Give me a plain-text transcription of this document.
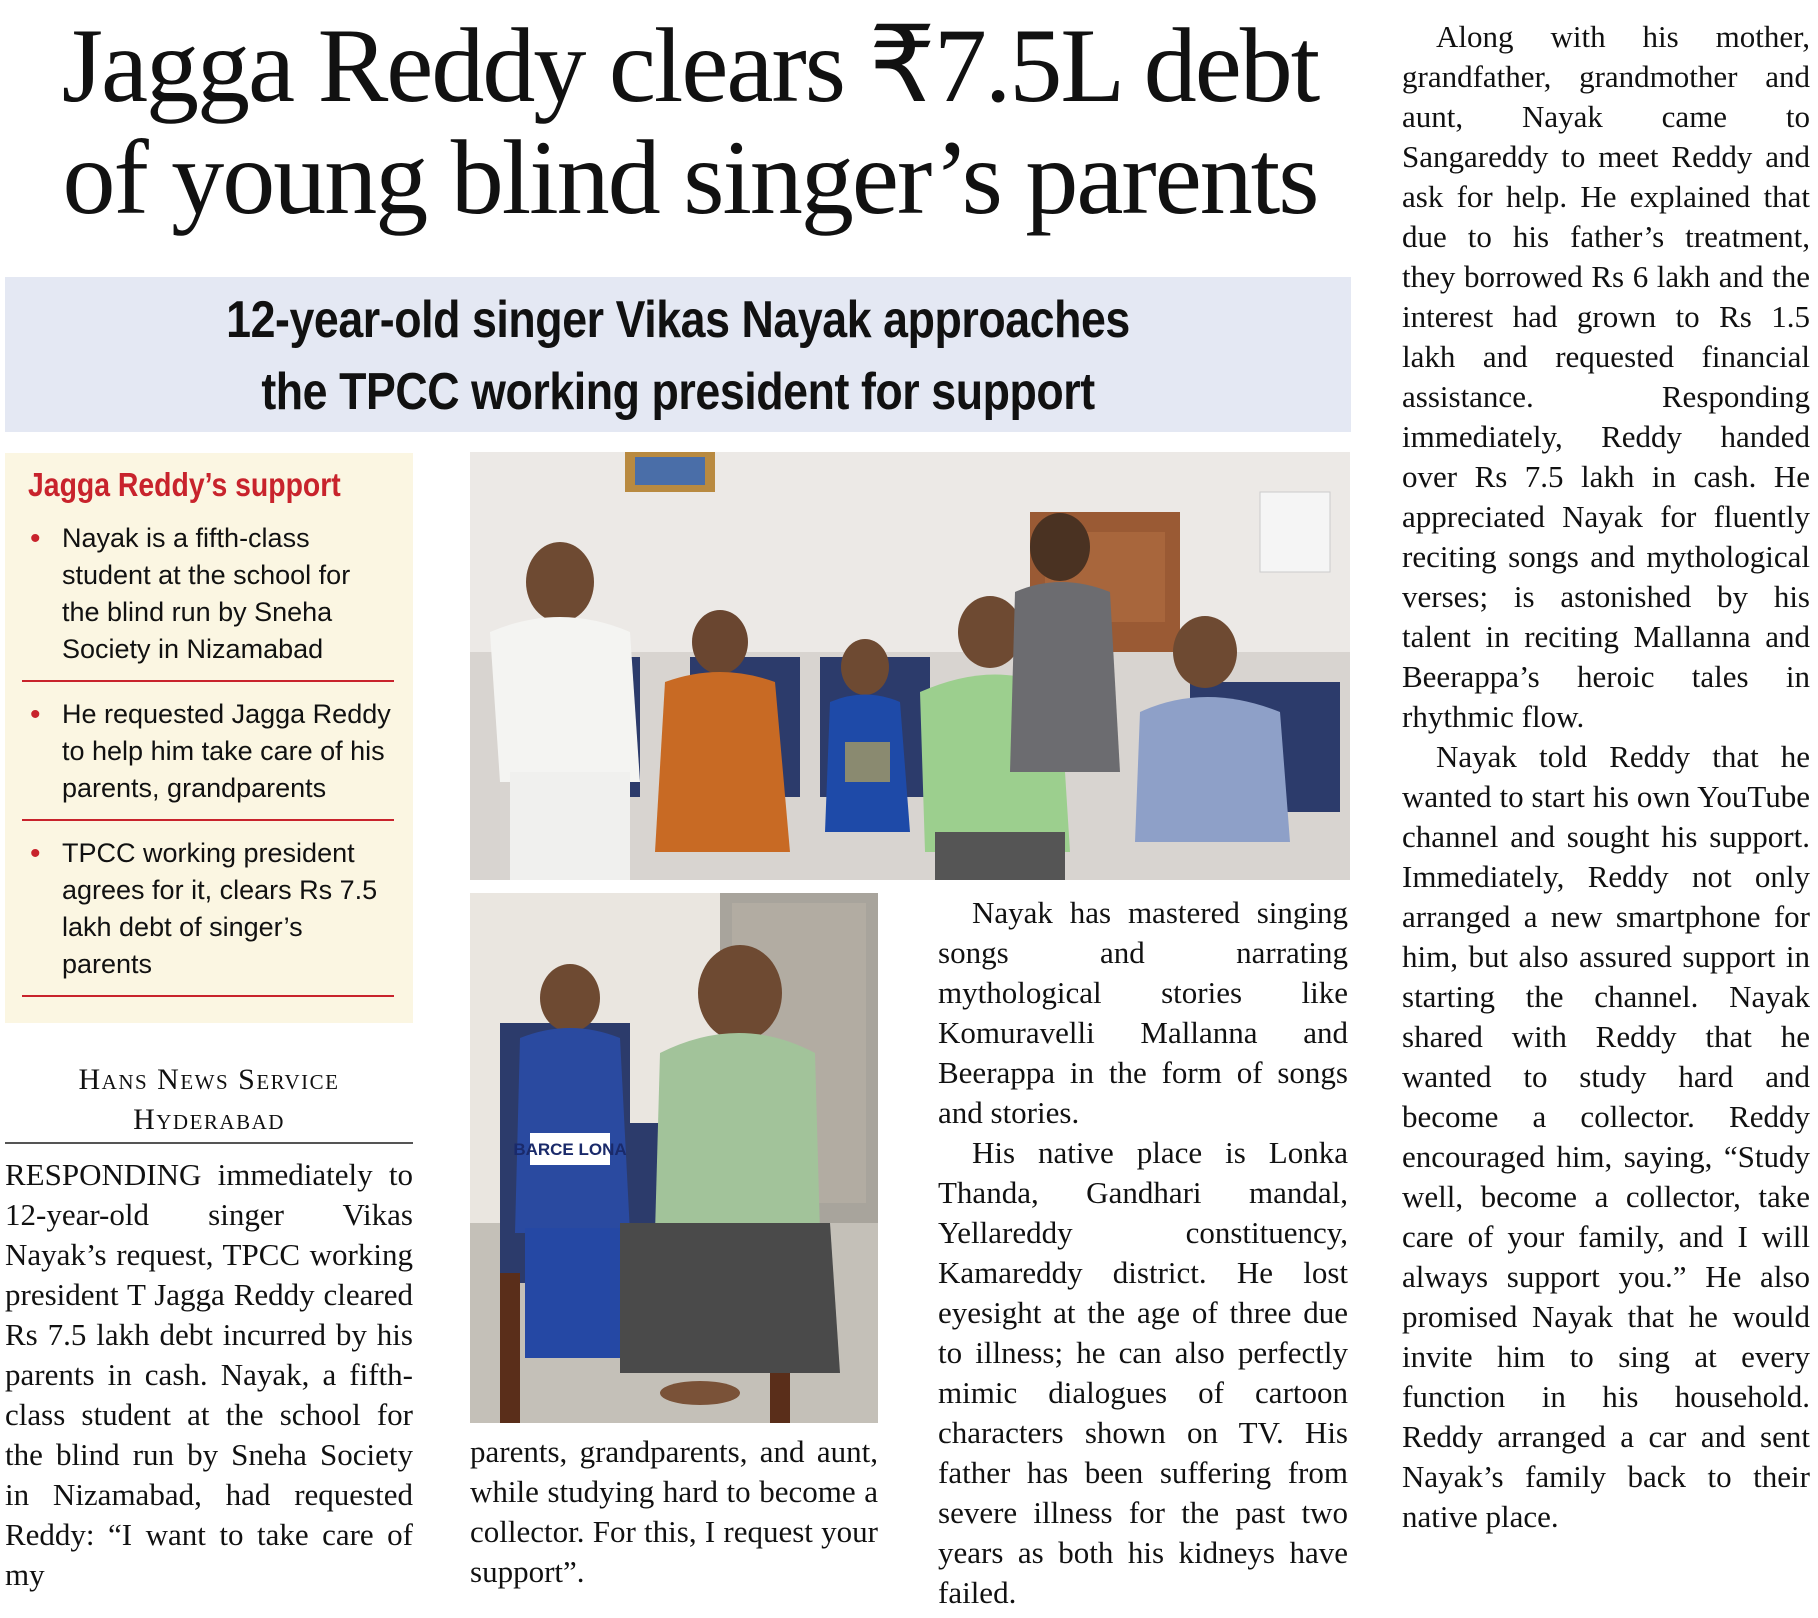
Jagga Reddy clears ₹7.5L debt
of young blind singer’s parents
12-year-old singer Vikas Nayak approaches
the TPCC working president for support
Jagga Reddy’s support
• Nayak is a fifth-class student at the school for the blind run by Sneha Society in Nizamabad
• He requested Jagga Reddy to help him take care of his parents, grandparents
• TPCC working president agrees for it, clears Rs 7.5 lakh debt of singer’s parents
Hans News Service
Hyderabad

RESPONDING immediately to 12-year-old singer Vikas Nayak’s request, TPCC working president T Jagga Reddy cleared Rs 7.5 lakh debt incurred by his parents in cash. Nayak, a fifth-class student at the school for the blind run by Sneha Society in Nizamabad, had requested Reddy: “I want to take care of my

BARCE LONA

parents, grandparents, and aunt, while studying hard to become a collector. For this, I request your support”.

Nayak has mastered singing songs and narrating mythological stories like Komuravelli Mallanna and Beerappa in the form of songs and stories.

His native place is Lonka Thanda, Gandhari mandal, Yellareddy constituency, Kamareddy district. He lost eyesight at the age of three due to illness; he can also perfectly mimic dialogues of cartoon characters shown on TV. His father has been suffering from severe illness for the past two years as both his kidneys have failed.

Along with his mother, grandfather, grandmother and aunt, Nayak came to Sangareddy to meet Reddy and ask for help. He explained that due to his father’s treatment, they borrowed Rs 6 lakh and the interest had grown to Rs 1.5 lakh and requested financial assistance. Responding immediately, Reddy handed over Rs 7.5 lakh in cash. He appreciated Nayak for fluently reciting songs and mythological verses; is astonished by his talent in reciting Mallanna and Beerappa’s heroic tales in rhythmic flow.

Nayak told Reddy that he wanted to start his own YouTube channel and sought his support. Immediately, Reddy not only arranged a new smartphone for him, but also assured support in starting the channel. Nayak shared with Reddy that he wanted to study hard and become a collector. Reddy encouraged him, saying, “Study well, become a collector, take care of your family, and I will always support you.” He also promised Nayak that he would invite him to sing at every function in his household. Reddy arranged a car and sent Nayak’s family back to their native place.
